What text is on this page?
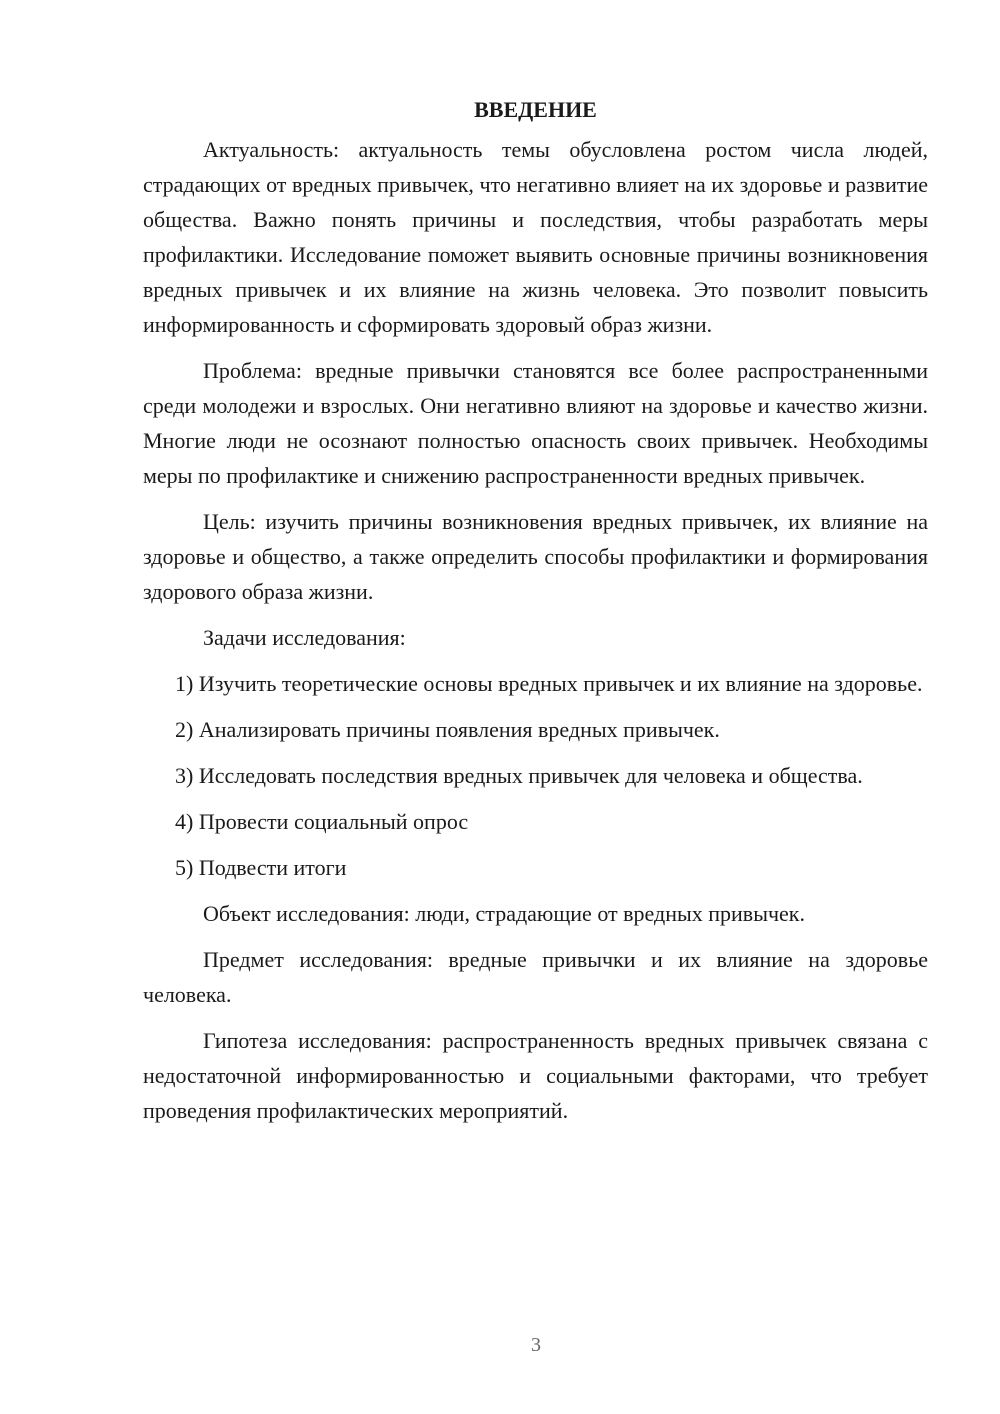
ВВЕДЕНИЕ

Актуальность: актуальность темы обусловлена ростом числа людей, страдающих от вредных привычек, что негативно влияет на их здоровье и развитие общества. Важно понять причины и последствия, чтобы разработать меры профилактики. Исследование поможет выявить основные причины возникновения вредных привычек и их влияние на жизнь человека. Это позволит повысить информированность и сформировать здоровый образ жизни.

Проблема: вредные привычки становятся все более распространенными среди молодежи и взрослых. Они негативно влияют на здоровье и качество жизни. Многие люди не осознают полностью опасность своих привычек. Необходимы меры по профилактике и снижению распространенности вредных привычек.

Цель: изучить причины возникновения вредных привычек, их влияние на здоровье и общество, а также определить способы профилактики и формирования здорового образа жизни.

Задачи исследования:

1) Изучить теоретические основы вредных привычек и их влияние на здоровье.

2) Анализировать причины появления вредных привычек.

3) Исследовать последствия вредных привычек для человека и общества.

4) Провести социальный опрос

5) Подвести итоги

Объект исследования: люди, страдающие от вредных привычек.

Предмет исследования: вредные привычки и их влияние на здоровье человека.

Гипотеза исследования: распространенность вредных привычек связана с недостаточной информированностью и социальными факторами, что требует проведения профилактических мероприятий.

3
